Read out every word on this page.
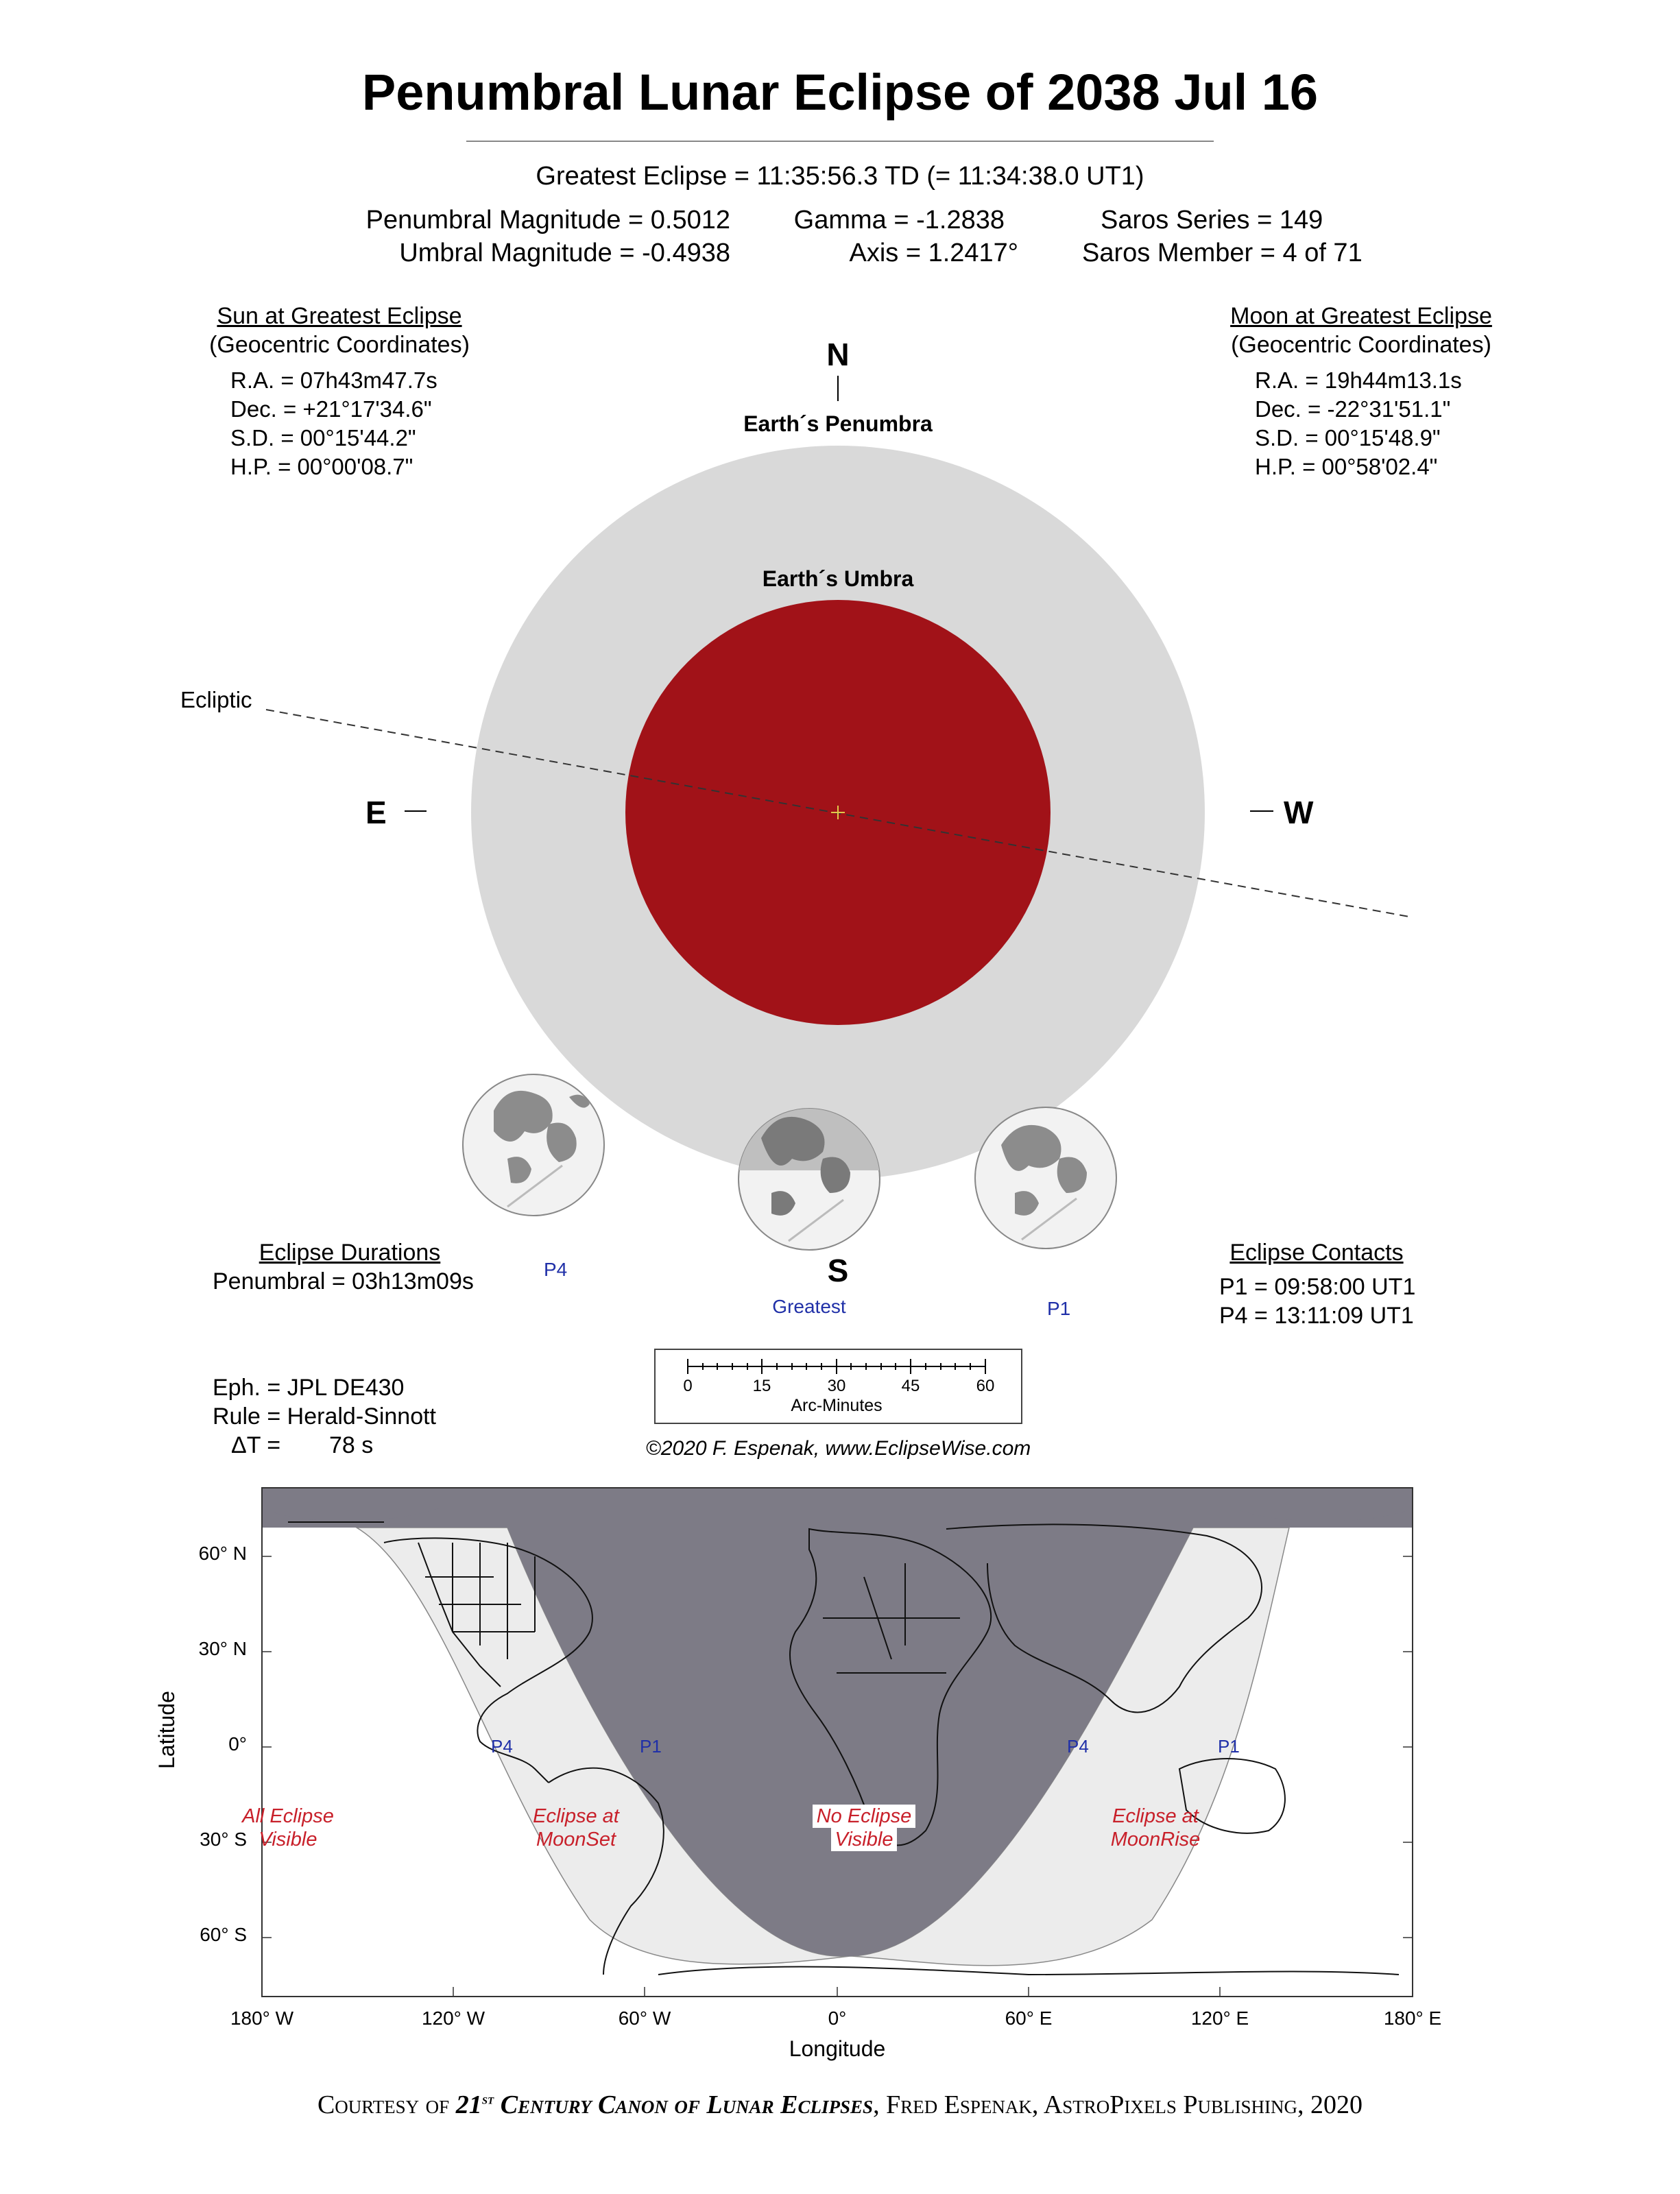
Penumbral Lunar Eclipse of 2038 Jul 16
Greatest Eclipse = 11:35:56.3 TD (= 11:34:38.0 UT1)
Penumbral Magnitude = 0.5012
Umbral Magnitude = -0.4938
Gamma = -1.2838
Axis = 1.2417°
Saros Series = 149
Saros Member = 4 of 71
Sun at Greatest Eclipse
(Geocentric Coordinates)
R.A. = 07h43m47.7s
Dec. = +21°17'34.6"
S.D. = 00°15'44.2"
H.P. = 00°00'08.7"
Moon at Greatest Eclipse
(Geocentric Coordinates)
R.A. = 19h44m13.1s
Dec. = -22°31'51.1"
S.D. = 00°15'48.9"
H.P. = 00°58'02.4"
N
S
E	W
Earth´s Penumbra
Earth´s Umbra
Ecliptic
P4
Greatest	P1
Eclipse Durations
Penumbral = 03h13m09s
Eclipse Contacts
P1 = 09:58:00 UT1
P4 = 13:11:09 UT1
Eph. = JPL DE430
Rule = Herald-Sinnott
ΔT = 78 s
0	15	30	45	60
Arc-Minutes
©2020 F. Espenak, www.EclipseWise.com
60° N
30° N
0°
30° S
60° S
Latitude
180° W	120° W	60° W	0°	60° E	120° E	180° E
Longitude
All Eclipse
Visible
Eclipse at
MoonSet
No Eclipse
Visible
Eclipse at
MoonRise
P4	P1	P4	P1
Courtesy of 21st Century Canon of Lunar Eclipses, Fred Espenak, AstroPixels Publishing, 2020
